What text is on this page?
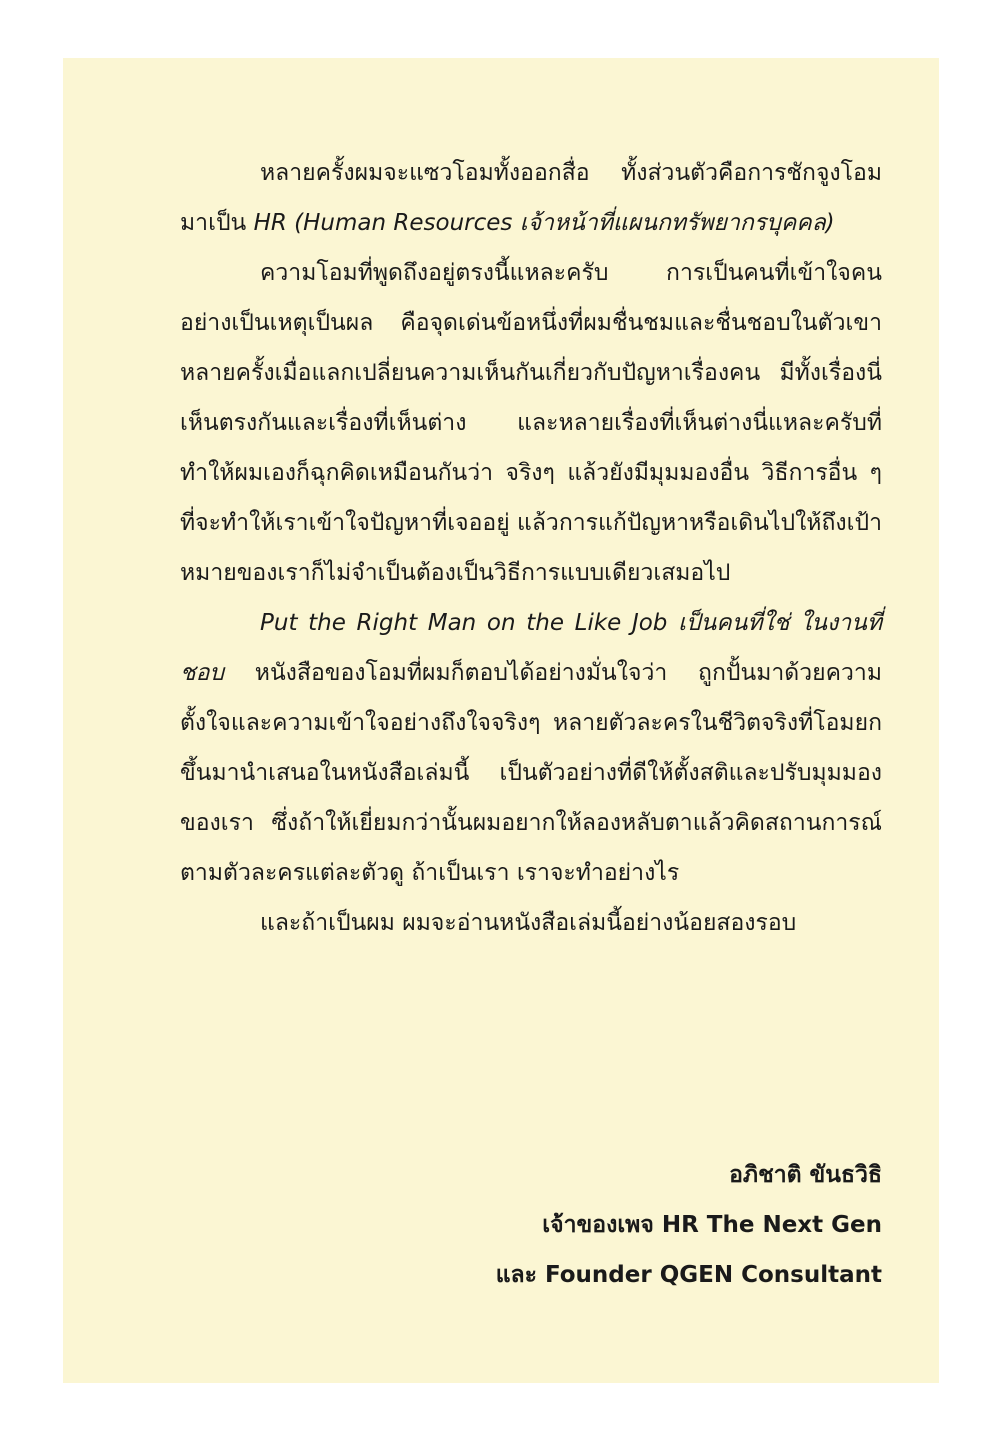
หลายครั้งผมจะแซวโอมทั้งออกสื่อ ทั้งส่วนตัวคือการชักจูงโอมมาเป็น HR (Human Resources เจ้าหน้าที่แผนกทรัพยากรบุคคล)

ความโอมที่พูดถึงอยู่ตรงนี้แหละครับ การเป็นคนที่เข้าใจคนอย่างเป็นเหตุเป็นผล คือจุดเด่นข้อหนึ่งที่ผมชื่นชมและชื่นชอบในตัวเขา หลายครั้งเมื่อแลกเปลี่ยนความเห็นกันเกี่ยวกับปัญหาเรื่องคน มีทั้งเรื่องนี่เห็นตรงกันและเรื่องที่เห็นต่าง และหลายเรื่องที่เห็นต่างนี่แหละครับที่ทำให้ผมเองก็ฉุกคิดเหมือนกันว่า จริงๆ แล้วยังมีมุมมองอื่น วิธีการอื่น ๆ ที่จะทำให้เราเข้าใจปัญหาที่เจออยู่ แล้วการแก้ปัญหาหรือเดินไปให้ถึงเป้าหมายของเราก็ไม่จำเป็นต้องเป็นวิธีการแบบเดียวเสมอไป

Put the Right Man on the Like Job เป็นคนที่ใช่ ในงานที่ชอบ หนังสือของโอมที่ผมก็ตอบได้อย่างมั่นใจว่า ถูกปั้นมาด้วยความตั้งใจและความเข้าใจอย่างถึงใจจริงๆ หลายตัวละครในชีวิตจริงที่โอมยกขึ้นมานำเสนอในหนังสือเล่มนี้ เป็นตัวอย่างที่ดีให้ตั้งสติและปรับมุมมองของเรา ซึ่งถ้าให้เยี่ยมกว่านั้นผมอยากให้ลองหลับตาแล้วคิดสถานการณ์ตามตัวละครแต่ละตัวดู ถ้าเป็นเรา เราจะทำอย่างไร

และถ้าเป็นผม ผมจะอ่านหนังสือเล่มนี้อย่างน้อยสองรอบ

อภิชาติ ขันธวิธิ
เจ้าของเพจ HR The Next Gen
และ Founder QGEN Consultant
